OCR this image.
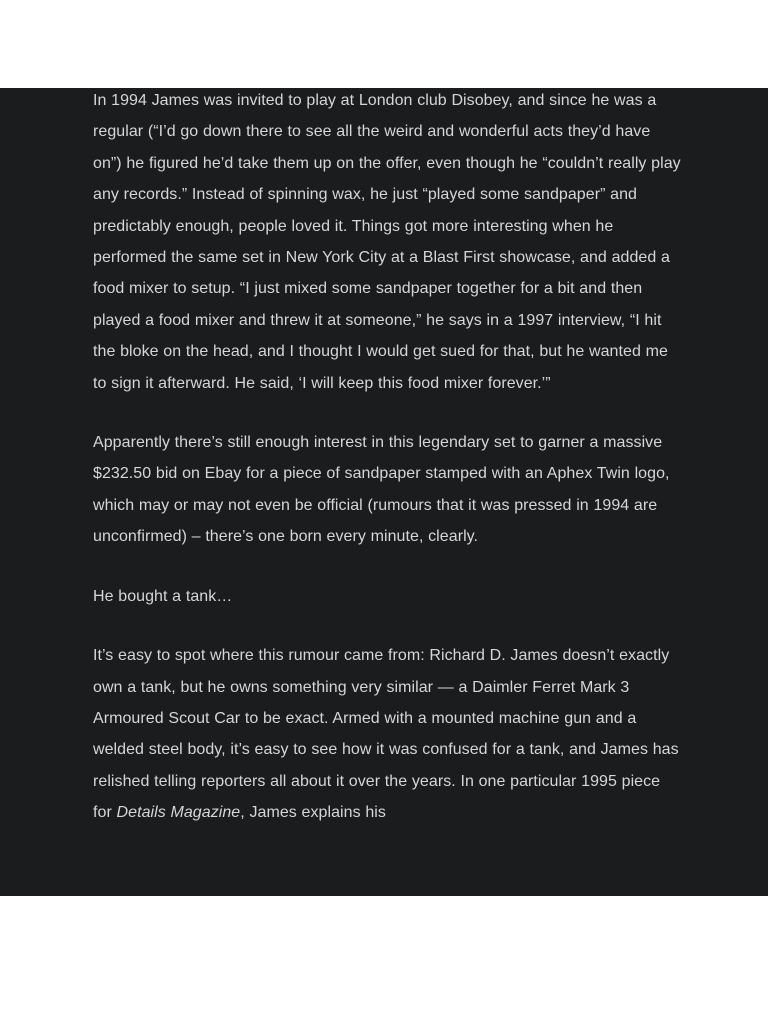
In 1994 James was invited to play at London club Disobey, and since he was a regular (“I’d go down there to see all the weird and wonderful acts they’d have on”) he figured he’d take them up on the offer, even though he “couldn’t really play any records.” Instead of spinning wax, he just “played some sandpaper” and predictably enough, people loved it. Things got more interesting when he performed the same set in New York City at a Blast First showcase, and added a food mixer to setup. “I just mixed some sandpaper together for a bit and then played a food mixer and threw it at someone,” he says in a 1997 interview, “I hit the bloke on the head, and I thought I would get sued for that, but he wanted me to sign it afterward. He said, ‘I will keep this food mixer forever.’”

Apparently there’s still enough interest in this legendary set to garner a massive $232.50 bid on Ebay for a piece of sandpaper stamped with an Aphex Twin logo, which may or may not even be official (rumours that it was pressed in 1994 are unconfirmed) – there’s one born every minute, clearly.

He bought a tank…

It’s easy to spot where this rumour came from: Richard D. James doesn’t exactly own a tank, but he owns something very similar — a Daimler Ferret Mark 3 Armoured Scout Car to be exact. Armed with a mounted machine gun and a welded steel body, it’s easy to see how it was confused for a tank, and James has relished telling reporters all about it over the years. In one particular 1995 piece for Details Magazine, James explains his
